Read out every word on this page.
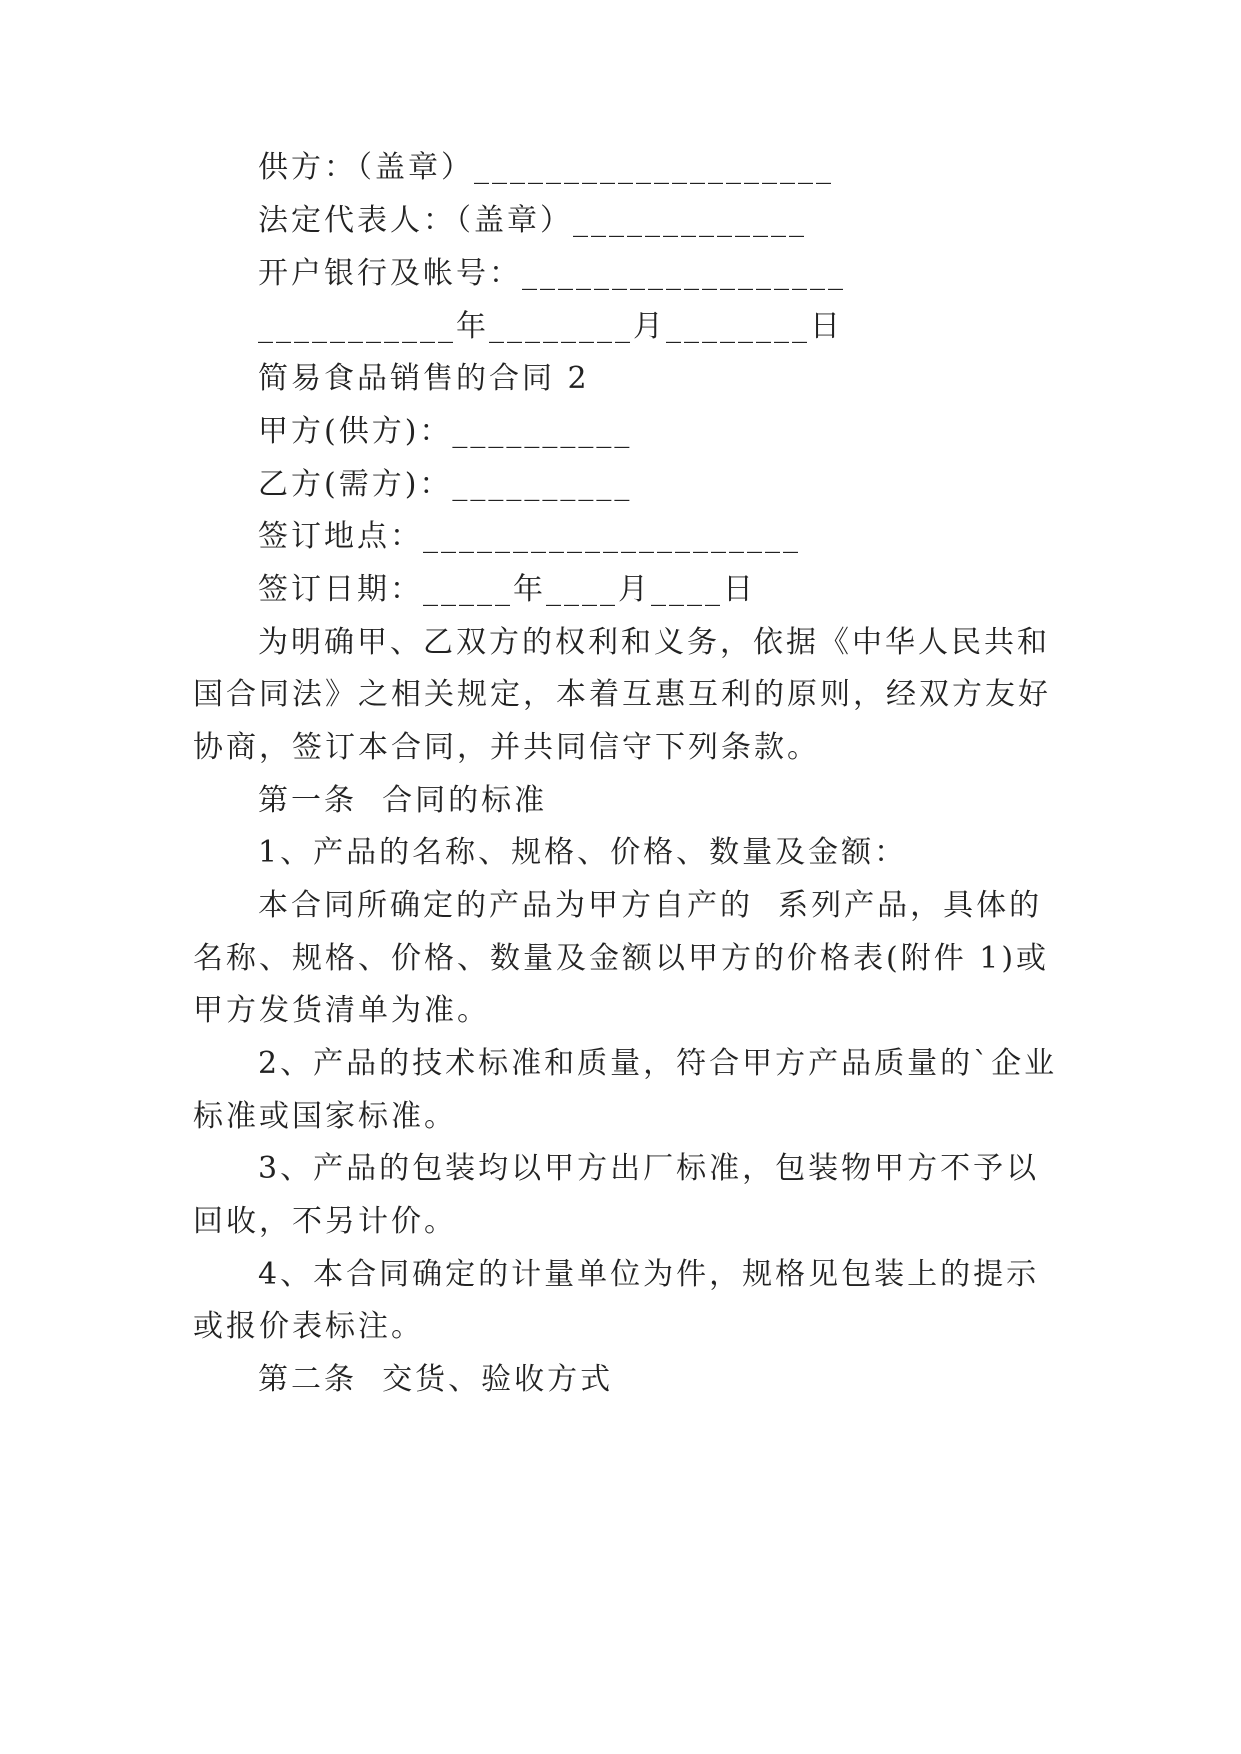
供方：（盖章）____________________
法定代表人：（盖章）_____________
开户银行及帐号：__________________
___________年________月________日
简易食品销售的合同 2
甲方(供方)：__________
乙方(需方)：__________
签订地点：_____________________
签订日期：_____年____月____日
为明确甲、乙双方的权利和义务，依据《中华人民共和
国合同法》之相关规定，本着互惠互利的原则，经双方友好
协商，签订本合同，并共同信守下列条款。
第一条  合同的标准
1、产品的名称、规格、价格、数量及金额：
本合同所确定的产品为甲方自产的  系列产品，具体的
名称、规格、价格、数量及金额以甲方的价格表(附件 1)或
甲方发货清单为准。
2、产品的技术标准和质量，符合甲方产品质量的`企业
标准或国家标准。
3、产品的包装均以甲方出厂标准，包装物甲方不予以
回收，不另计价。
4、本合同确定的计量单位为件，规格见包装上的提示
或报价表标注。
第二条  交货、验收方式
